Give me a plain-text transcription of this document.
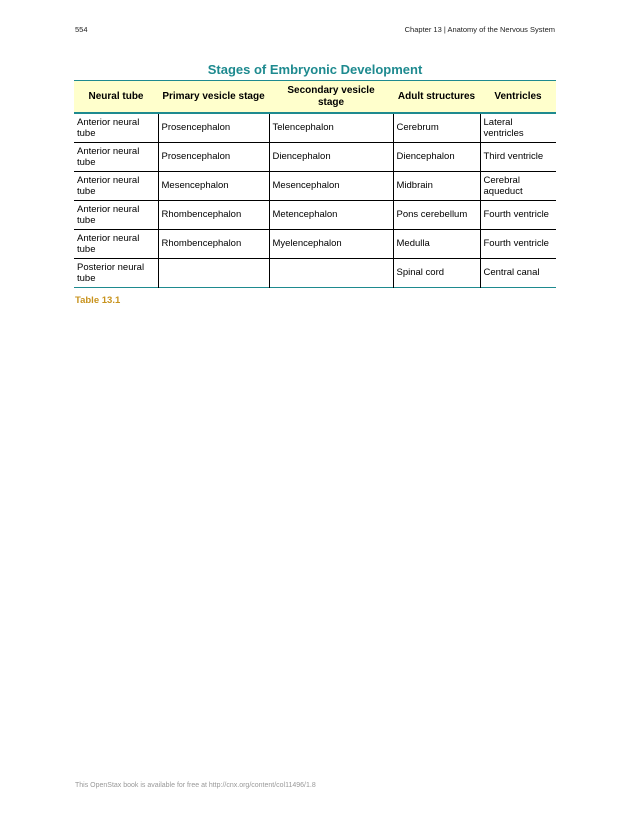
554	Chapter 13 | Anatomy of the Nervous System
Stages of Embryonic Development
Neural tube	Primary vesicle stage	Secondary vesicle stage	Adult structures	Ventricles
Anterior neural tube	Prosencephalon	Telencephalon	Cerebrum	Lateral ventricles
Anterior neural tube	Prosencephalon	Diencephalon	Diencephalon	Third ventricle
Anterior neural tube	Mesencephalon	Mesencephalon	Midbrain	Cerebral aqueduct
Anterior neural tube	Rhombencephalon	Metencephalon	Pons cerebellum	Fourth ventricle
Anterior neural tube	Rhombencephalon	Myelencephalon	Medulla	Fourth ventricle
Posterior neural tube			Spinal cord	Central canal
Table 13.1
This OpenStax book is available for free at http://cnx.org/content/col11496/1.8
